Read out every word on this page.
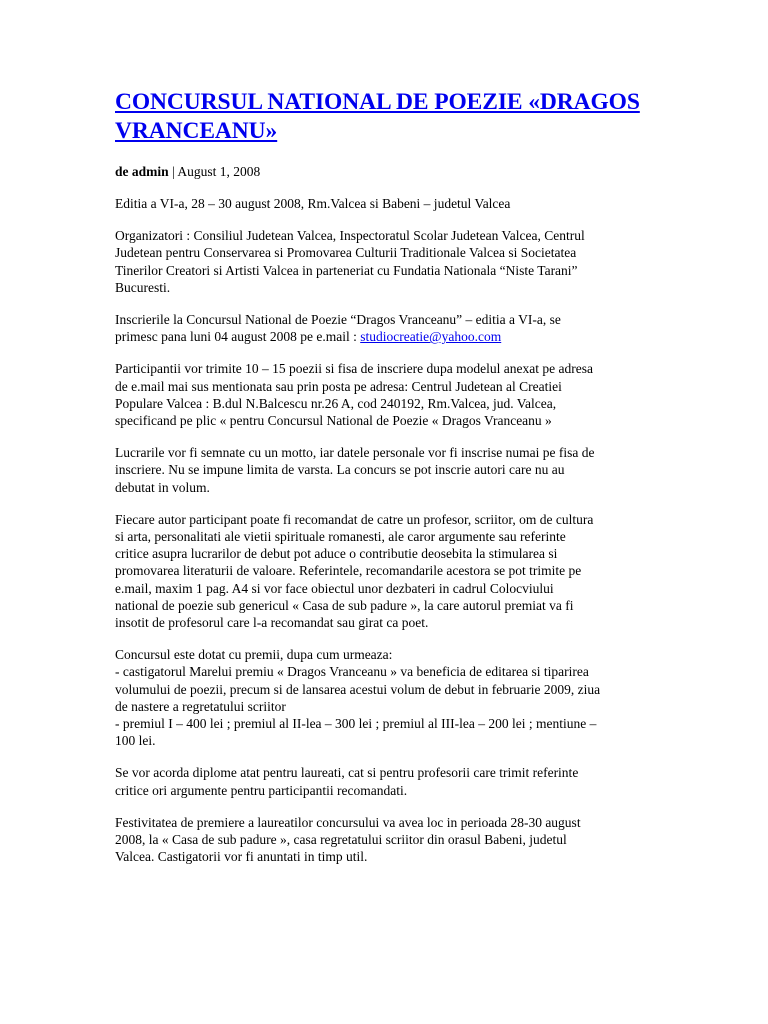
CONCURSUL NATIONAL DE POEZIE «DRAGOS
VRANCEANU»
de admin | August 1, 2008

Editia a VI-a, 28 – 30 august 2008, Rm.Valcea si Babeni – judetul Valcea

Organizatori : Consiliul Judetean Valcea, Inspectoratul Scolar Judetean Valcea, Centrul
Judetean pentru Conservarea si Promovarea Culturii Traditionale Valcea si Societatea
Tinerilor Creatori si Artisti Valcea in parteneriat cu Fundatia Nationala “Niste Tarani”
Bucuresti.

Inscrierile la Concursul National de Poezie “Dragos Vranceanu” – editia a VI-a, se
primesc pana luni 04 august 2008 pe e.mail : studiocreatie@yahoo.com

Participantii vor trimite 10 – 15 poezii si fisa de inscriere dupa modelul anexat pe adresa
de e.mail mai sus mentionata sau prin posta pe adresa: Centrul Judetean al Creatiei
Populare Valcea : B.dul N.Balcescu nr.26 A, cod 240192, Rm.Valcea, jud. Valcea,
specificand pe plic « pentru Concursul National de Poezie « Dragos Vranceanu »

Lucrarile vor fi semnate cu un motto, iar datele personale vor fi inscrise numai pe fisa de
inscriere. Nu se impune limita de varsta. La concurs se pot inscrie autori care nu au
debutat in volum.

Fiecare autor participant poate fi recomandat de catre un profesor, scriitor, om de cultura
si arta, personalitati ale vietii spirituale romanesti, ale caror argumente sau referinte
critice asupra lucrarilor de debut pot aduce o contributie deosebita la stimularea si
promovarea literaturii de valoare. Referintele, recomandarile acestora se pot trimite pe
e.mail, maxim 1 pag. A4 si vor face obiectul unor dezbateri in cadrul Colocviului
national de poezie sub genericul « Casa de sub padure », la care autorul premiat va fi
insotit de profesorul care l-a recomandat sau girat ca poet.

Concursul este dotat cu premii, dupa cum urmeaza:
- castigatorul Marelui premiu « Dragos Vranceanu » va beneficia de editarea si tiparirea
volumului de poezii, precum si de lansarea acestui volum de debut in februarie 2009, ziua
de nastere a regretatului scriitor
- premiul I – 400 lei ; premiul al II-lea – 300 lei ; premiul al III-lea – 200 lei ; mentiune –
100 lei.

Se vor acorda diplome atat pentru laureati, cat si pentru profesorii care trimit referinte
critice ori argumente pentru participantii recomandati.

Festivitatea de premiere a laureatilor concursului va avea loc in perioada 28-30 august
2008, la « Casa de sub padure », casa regretatului scriitor din orasul Babeni, judetul
Valcea. Castigatorii vor fi anuntati in timp util.
